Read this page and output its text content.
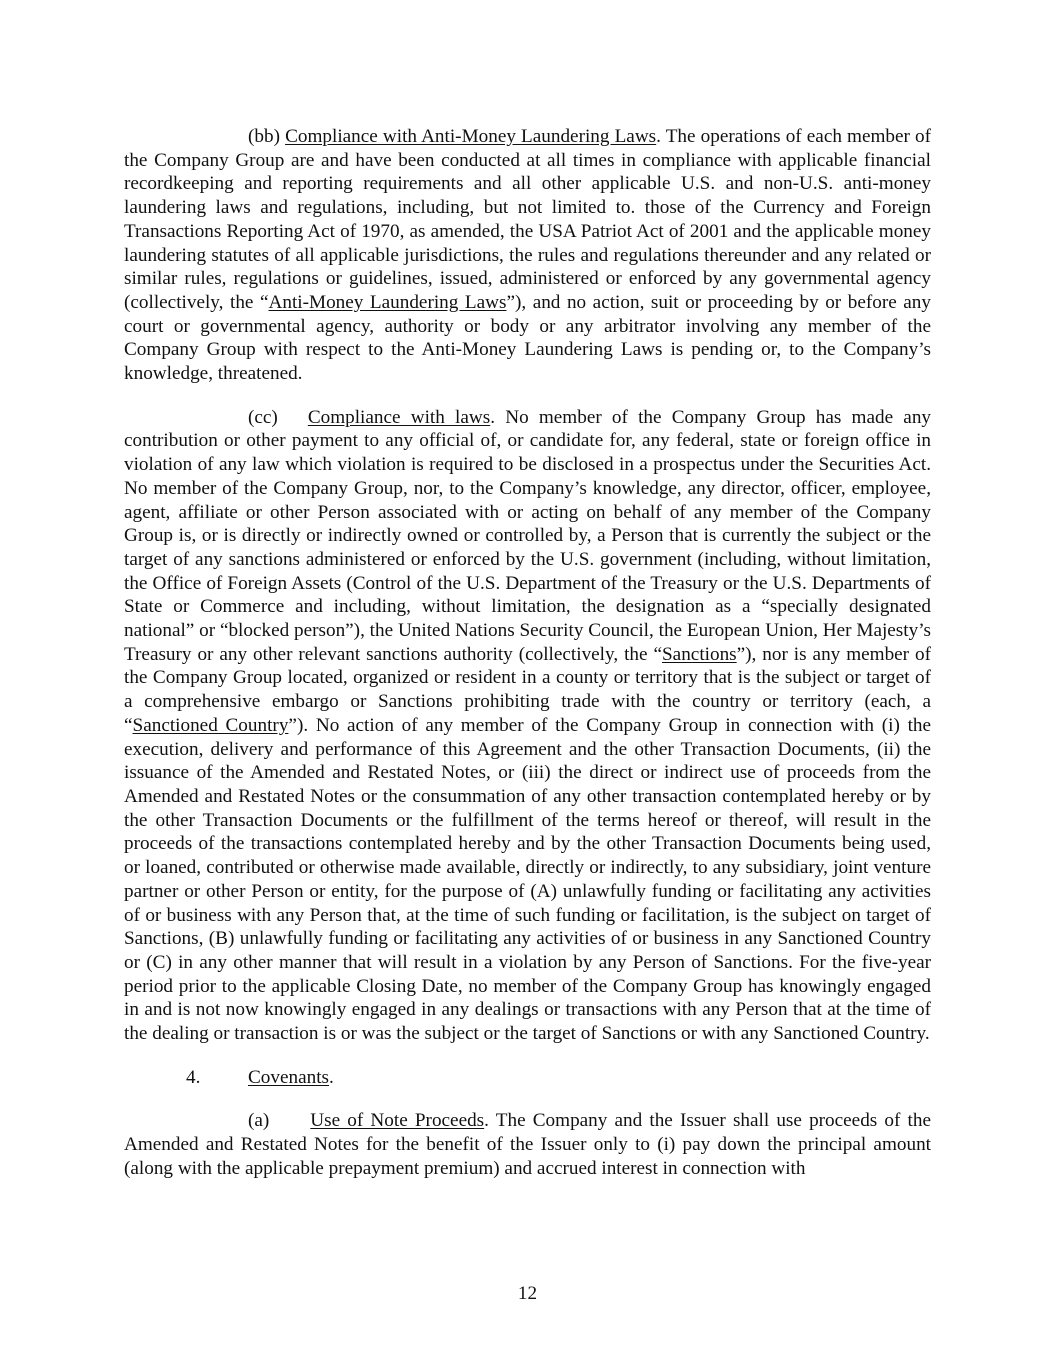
(bb) Compliance with Anti-Money Laundering Laws. The operations of each member of the Company Group are and have been conducted at all times in compliance with applicable financial recordkeeping and reporting requirements and all other applicable U.S. and non-U.S. anti-money laundering laws and regulations, including, but not limited to. those of the Currency and Foreign Transactions Reporting Act of 1970, as amended, the USA Patriot Act of 2001 and the applicable money laundering statutes of all applicable jurisdictions, the rules and regulations thereunder and any related or similar rules, regulations or guidelines, issued, administered or enforced by any governmental agency (collectively, the “Anti-Money Laundering Laws”), and no action, suit or proceeding by or before any court or governmental agency, authority or body or any arbitrator involving any member of the Company Group with respect to the Anti-Money Laundering Laws is pending or, to the Company’s knowledge, threatened.

(cc) Compliance with laws. No member of the Company Group has made any contribution or other payment to any official of, or candidate for, any federal, state or foreign office in violation of any law which violation is required to be disclosed in a prospectus under the Securities Act. No member of the Company Group, nor, to the Company’s knowledge, any director, officer, employee, agent, affiliate or other Person associated with or acting on behalf of any member of the Company Group is, or is directly or indirectly owned or controlled by, a Person that is currently the subject or the target of any sanctions administered or enforced by the U.S. government (including, without limitation, the Office of Foreign Assets (Control of the U.S. Department of the Treasury or the U.S. Departments of State or Commerce and including, without limitation, the designation as a “specially designated national” or “blocked person”), the United Nations Security Council, the European Union, Her Majesty’s Treasury or any other relevant sanctions authority (collectively, the “Sanctions”), nor is any member of the Company Group located, organized or resident in a county or territory that is the subject or target of a comprehensive embargo or Sanctions prohibiting trade with the country or territory (each, a “Sanctioned Country”). No action of any member of the Company Group in connection with (i) the execution, delivery and performance of this Agreement and the other Transaction Documents, (ii) the issuance of the Amended and Restated Notes, or (iii) the direct or indirect use of proceeds from the Amended and Restated Notes or the consummation of any other transaction contemplated hereby or by the other Transaction Documents or the fulfillment of the terms hereof or thereof, will result in the proceeds of the transactions contemplated hereby and by the other Transaction Documents being used, or loaned, contributed or otherwise made available, directly or indirectly, to any subsidiary, joint venture partner or other Person or entity, for the purpose of (A) unlawfully funding or facilitating any activities of or business with any Person that, at the time of such funding or facilitation, is the subject on target of Sanctions, (B) unlawfully funding or facilitating any activities of or business in any Sanctioned Country or (C) in any other manner that will result in a violation by any Person of Sanctions. For the five-year period prior to the applicable Closing Date, no member of the Company Group has knowingly engaged in and is not now knowingly engaged in any dealings or transactions with any Person that at the time of the dealing or transaction is or was the subject or the target of Sanctions or with any Sanctioned Country.

4. Covenants.

(a) Use of Note Proceeds. The Company and the Issuer shall use proceeds of the Amended and Restated Notes for the benefit of the Issuer only to (i) pay down the principal amount (along with the applicable prepayment premium) and accrued interest in connection with

12
